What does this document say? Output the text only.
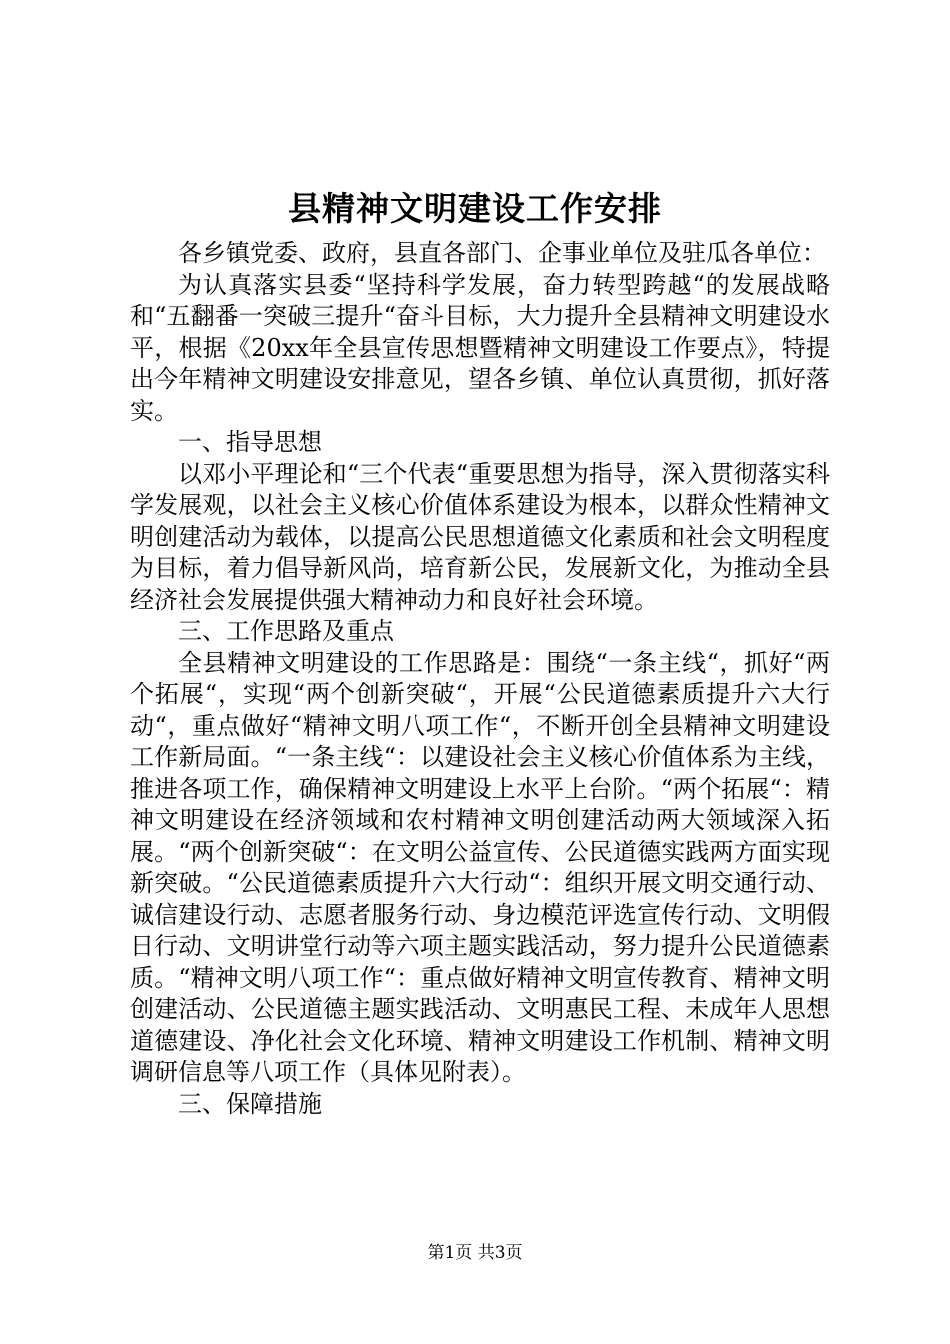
县精神文明建设工作安排

各乡镇党委、政府，县直各部门、企事业单位及驻瓜各单位：

为认真落实县委“坚持科学发展，奋力转型跨越“的发展战略和“五翻番一突破三提升“奋斗目标，大力提升全县精神文明建设水平，根据《20xx年全县宣传思想暨精神文明建设工作要点》，特提出今年精神文明建设安排意见，望各乡镇、单位认真贯彻，抓好落实。

一、指导思想

以邓小平理论和“三个代表“重要思想为指导，深入贯彻落实科学发展观，以社会主义核心价值体系建设为根本，以群众性精神文明创建活动为载体，以提高公民思想道德文化素质和社会文明程度为目标，着力倡导新风尚，培育新公民，发展新文化，为推动全县经济社会发展提供强大精神动力和良好社会环境。

三、工作思路及重点

全县精神文明建设的工作思路是：围绕“一条主线“，抓好“两个拓展“，实现“两个创新突破“，开展“公民道德素质提升六大行动“，重点做好“精神文明八项工作“，不断开创全县精神文明建设工作新局面。“一条主线“：以建设社会主义核心价值体系为主线，推进各项工作，确保精神文明建设上水平上台阶。“两个拓展“：精神文明建设在经济领域和农村精神文明创建活动两大领域深入拓展。“两个创新突破“：在文明公益宣传、公民道德实践两方面实现新突破。“公民道德素质提升六大行动“：组织开展文明交通行动、诚信建设行动、志愿者服务行动、身边模范评选宣传行动、文明假日行动、文明讲堂行动等六项主题实践活动，努力提升公民道德素质。“精神文明八项工作“：重点做好精神文明宣传教育、精神文明创建活动、公民道德主题实践活动、文明惠民工程、未成年人思想道德建设、净化社会文化环境、精神文明建设工作机制、精神文明调研信息等八项工作（具体见附表）。

三、保障措施

第1页 共3页
